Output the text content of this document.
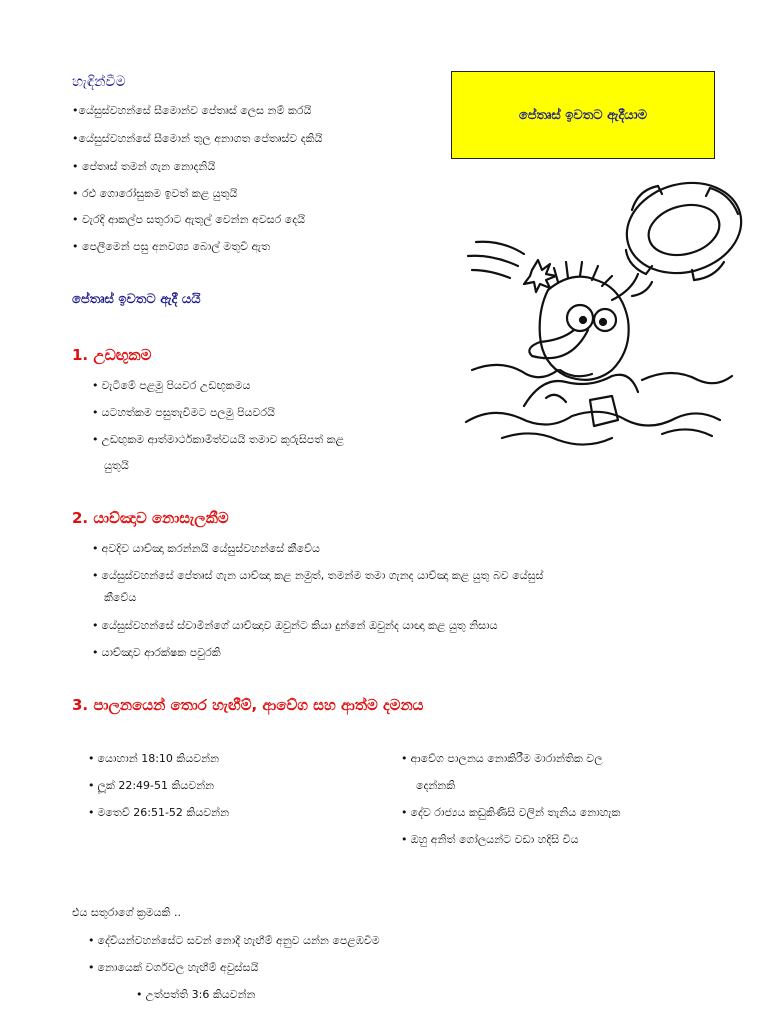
හැඳින්වීම
•යේසුස්වහන්සේ සීමොන්ව පේතෘස් ලෙස නම් කරයි
•යේසුස්වහන්සේ සීමොන් තුල අනාගත පේතෘස්ව දකියි
• පේතෘස් තමන් ගැන නොදනියි
• රළු ගොරෝසුකම ඉවත් කළ යුතුයි
• වැරදි ආකල්ප සතුරාට ඇතුල් වෙන්න අවසර දෙයි
• පෙලීමෙන් පසු අනවශ්‍ය බොල් මතුවී ඇත
පේතෘස් ඉවතට ඇදීයාම
පේතෘස් ඉවතට ඇදී යයි
1. උඩඟුකම
• වැටීමේ පළමු පියවර උඩඟුකමය
• යටහත්කම පසුතැවීමට පලමු පියවරයි
• උඩඟුකම ආත්මාර්ථකාමීත්වයයි තමාව කුරුසිපත් කළ
යුතුයි
2. යාච්ඤාව නොසැලකීම
• අවදිව යාච්ඤා කරන්නයි යේසුස්වහන්සේ කීවේය
• යේසුස්වහන්සේ පේතෘස් ගැන යාච්ඤා කළ නමුත්, තමන්ම තමා ගැනද යාච්ඤා කළ යුතු බව යේසුස්
කීවේය
• යේසුස්වහන්සේ ස්වාමීන්ගේ යාච්ඤාව ඔවුන්ට කියා දුන්නේ ඔවුන්ද යාඥා කළ යුතු නිසාය
• යාච්ඤාව ආරක්ෂක පවුරකි
3. පාලනයෙන් තොර හැඟීම්, ආවේග සහ ආත්ම දමනය
• යොහාන් 18:10 කියවන්න
• ලූක් 22:49-51 කියවන්න
• මතෙව් 26:51-52 කියවන්න
• ආවේග පාලනය නොකිරීම මාරාන්තික වල
දෙන්නකි
• දේව රාජ්‍යය කඩුකිණිසි වලින් තැනිය නොහැක
• ඔහු අනිත් ගෝලයන්ට වඩා හදිසි විය
එය සතුරාගේ ක්‍රමයකි ..
• දේවියන්වහන්සේට සවන් නොදී හැඟීම් අනුව යන්න පෙළඹවීම
• නොයෙක් වර්ගවල හැඟීම් අවුස්සයි
• උත්පත්ති 3:6 කියවන්න
